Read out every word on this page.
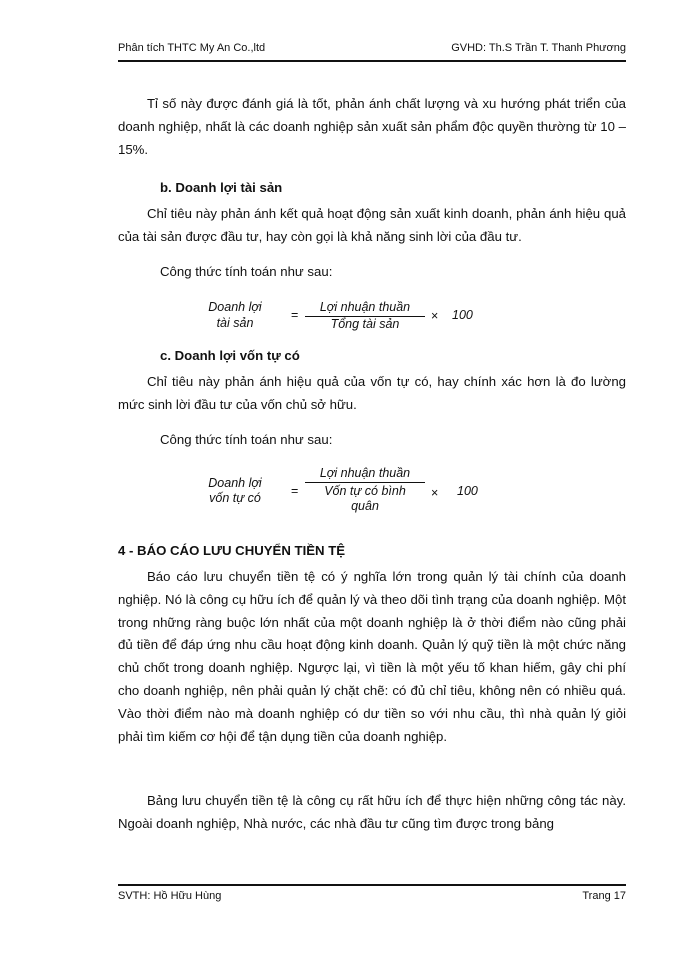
Phân tích THTC My An Co.,ltd	GVHD: Th.S Trần T. Thanh Phương
Tỉ số này được đánh giá là tốt, phản ánh chất lượng và xu hướng phát triển của doanh nghiệp, nhất là các doanh nghiệp sản xuất sản phẩm độc quyền thường từ 10 – 15%.
b. Doanh lợi tài sản
Chỉ tiêu này phản ánh kết quả hoạt động sản xuất kinh doanh, phản ánh hiệu quả của tài sản được đầu tư, hay còn gọi là khả năng sinh lời của đầu tư.
Công thức tính toán như sau:
Doanh lợi
tài sản
=
Lợi nhuận thuần
Tổng tài sản
× 100
c. Doanh lợi vốn tự có
Chỉ tiêu này phản ánh hiệu quả của vốn tự có, hay chính xác hơn là đo lường mức sinh lời đầu tư của vốn chủ sở hữu.
Công thức tính toán như sau:
Doanh lợi
vốn tự có	=
Lợi nhuận thuần
Vốn tự có bình
quân
× 100
4 - BÁO CÁO LƯU CHUYỂN TIỀN TỆ
Báo cáo lưu chuyển tiền tệ có ý nghĩa lớn trong quản lý tài chính của doanh nghiệp. Nó là công cụ hữu ích để quản lý và theo dõi tình trạng của doanh nghiệp. Một trong những ràng buộc lớn nhất của một doanh nghiệp là ở thời điểm nào cũng phải đủ tiền để đáp ứng nhu cầu hoạt động kinh doanh. Quản lý quỹ tiền là một chức năng chủ chốt trong doanh nghiệp. Ngược lại, vì tiền là một yếu tố khan hiếm, gây chi phí cho doanh nghiệp, nên phải quản lý chặt chẽ: có đủ chỉ tiêu, không nên có nhiều quá. Vào thời điểm nào mà doanh nghiệp có dư tiền so với nhu cầu, thì nhà quản lý giỏi phải tìm kiếm cơ hội để tận dụng tiền của doanh nghiệp.
Bảng lưu chuyển tiền tệ là công cụ rất hữu ích để thực hiện những công tác này. Ngoài doanh nghiệp, Nhà nước, các nhà đầu tư cũng tìm được trong bảng
SVTH: Hồ Hữu Hùng	Trang 17
